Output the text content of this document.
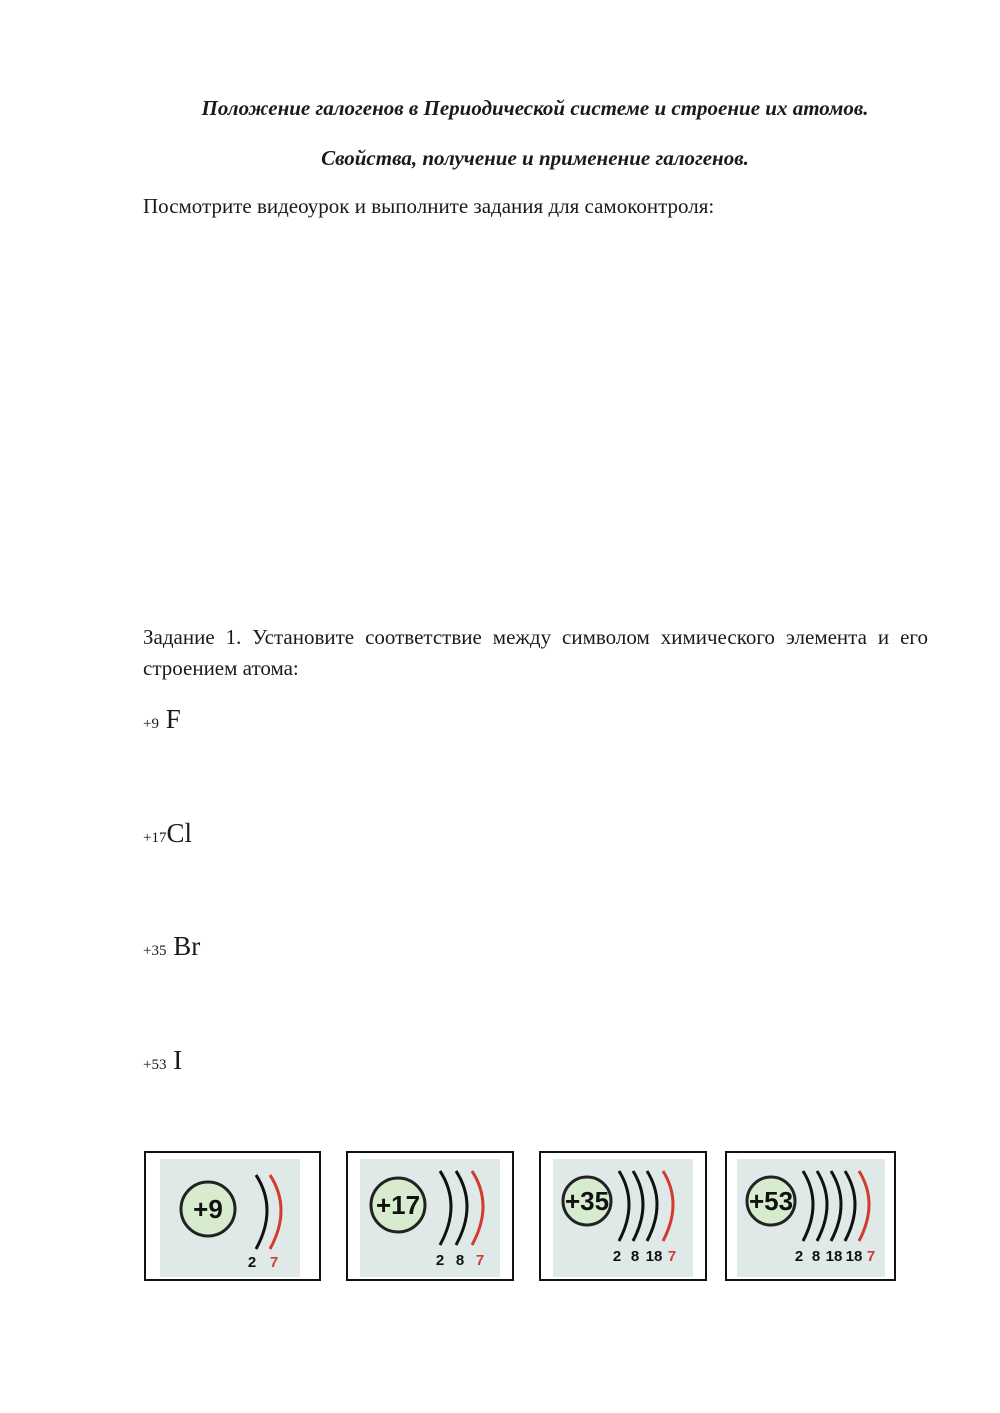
Положение галогенов в Периодической системе и строение их атомов.
Свойства, получение и применение галогенов.
Посмотрите видеоурок и выполните задания для самоконтроля:
Задание 1. Установите соответствие между символом химического элемента и его строением атома:
+9 F
+17Cl
+35 Br
+53 I
+9
2 7
+17
2 8 7
+35
2 8 18 7
+53
2 8 18 18 7
